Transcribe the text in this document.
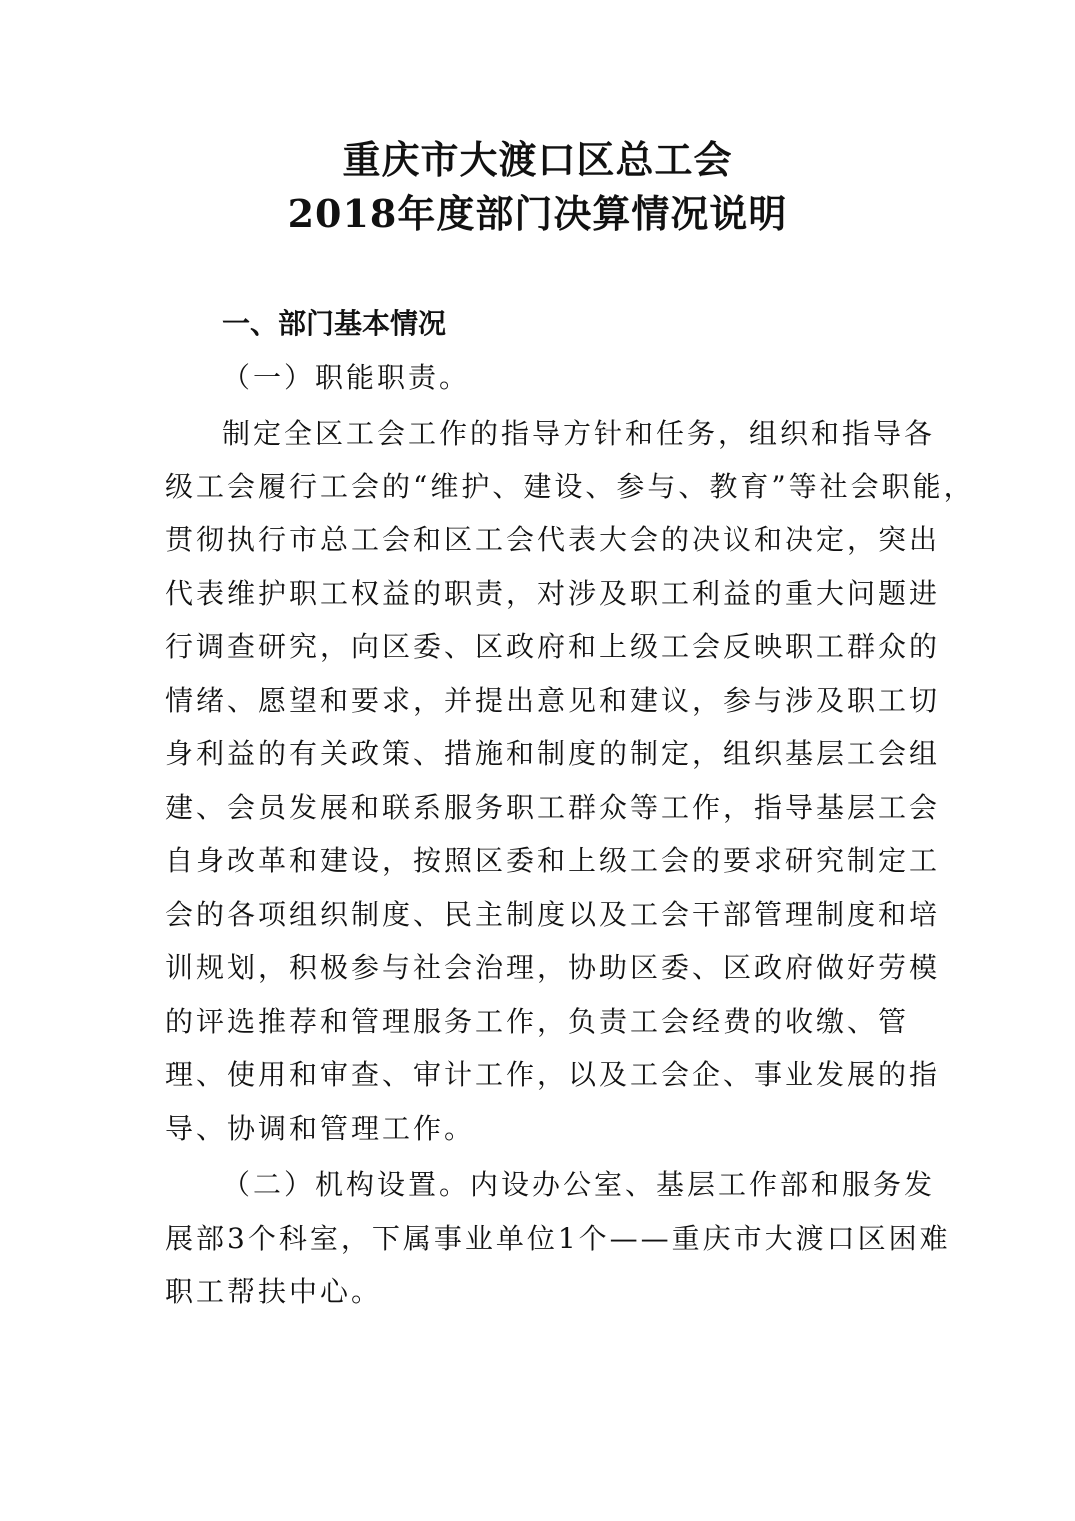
重庆市大渡口区总工会
2018年度部门决算情况说明
一、部门基本情况
（一）职能职责。
制定全区工会工作的指导方针和任务，组织和指导各
级工会履行工会的“维护、建设、参与、教育”等社会职能，
贯彻执行市总工会和区工会代表大会的决议和决定，突出
代表维护职工权益的职责，对涉及职工利益的重大问题进
行调查研究，向区委、区政府和上级工会反映职工群众的
情绪、愿望和要求，并提出意见和建议，参与涉及职工切
身利益的有关政策、措施和制度的制定，组织基层工会组
建、会员发展和联系服务职工群众等工作，指导基层工会
自身改革和建设，按照区委和上级工会的要求研究制定工
会的各项组织制度、民主制度以及工会干部管理制度和培
训规划，积极参与社会治理，协助区委、区政府做好劳模
的评选推荐和管理服务工作，负责工会经费的收缴、管
理、使用和审查、审计工作，以及工会企、事业发展的指
导、协调和管理工作。
（二）机构设置。内设办公室、基层工作部和服务发
展部3个科室，下属事业单位1个——重庆市大渡口区困难
职工帮扶中心。
